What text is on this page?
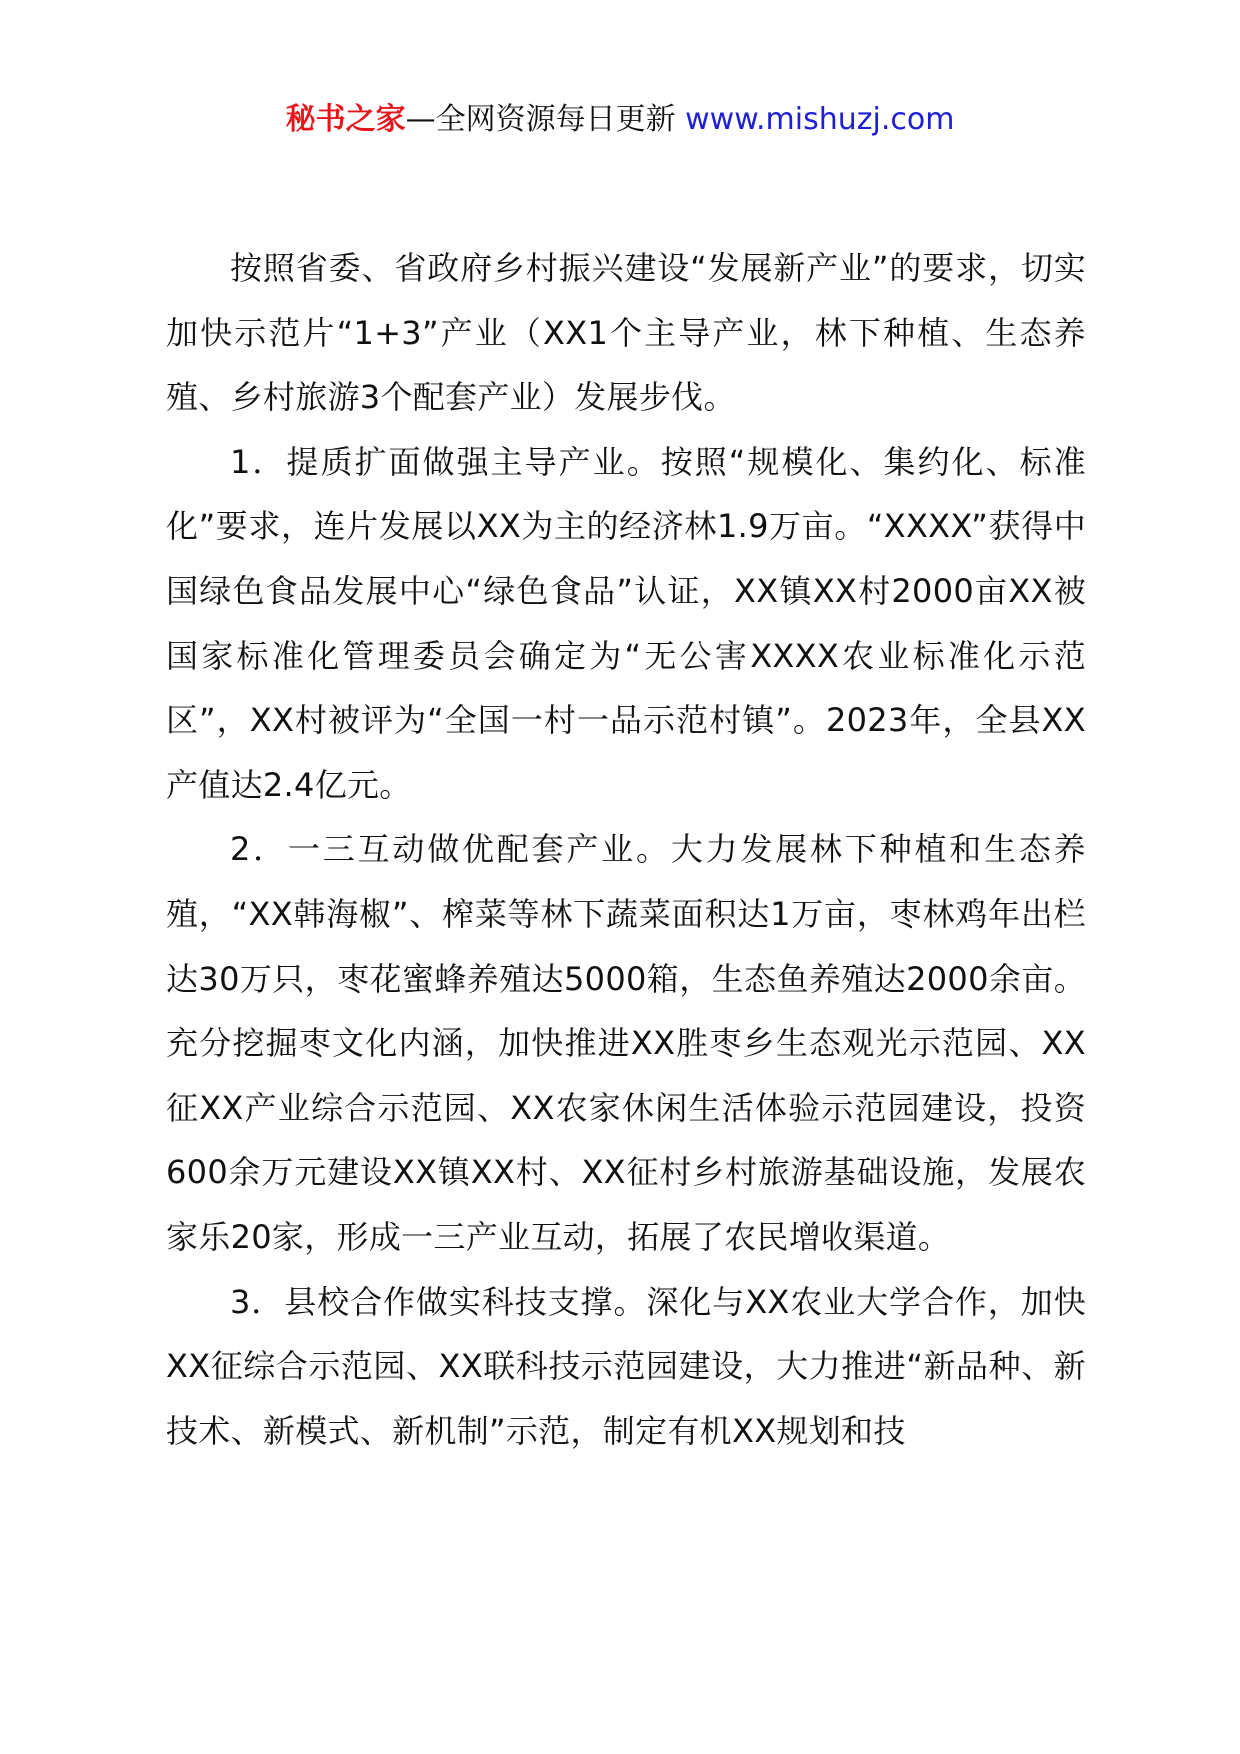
秘书之家—全网资源每日更新 www.mishuzj.com

按照省委、省政府乡村振兴建设“发展新产业”的要求，切实加快示范片“1+3”产业（XX1个主导产业，林下种植、生态养殖、乡村旅游3个配套产业）发展步伐。

1．提质扩面做强主导产业。按照“规模化、集约化、标准化”要求，连片发展以XX为主的经济林1.9万亩。“XXXX”获得中国绿色食品发展中心“绿色食品”认证，XX镇XX村2000亩XX被国家标准化管理委员会确定为“无公害XXXX农业标准化示范区”，XX村被评为“全国一村一品示范村镇”。2023年，全县XX产值达2.4亿元。

2．一三互动做优配套产业。大力发展林下种植和生态养殖，“XX韩海椒”、榨菜等林下蔬菜面积达1万亩，枣林鸡年出栏达30万只，枣花蜜蜂养殖达5000箱，生态鱼养殖达2000余亩。充分挖掘枣文化内涵，加快推进XX胜枣乡生态观光示范园、XX征XX产业综合示范园、XX农家休闲生活体验示范园建设，投资600余万元建设XX镇XX村、XX征村乡村旅游基础设施，发展农家乐20家，形成一三产业互动，拓展了农民增收渠道。

3．县校合作做实科技支撑。深化与XX农业大学合作，加快XX征综合示范园、XX联科技示范园建设，大力推进“新品种、新技术、新模式、新机制”示范，制定有机XX规划和技
